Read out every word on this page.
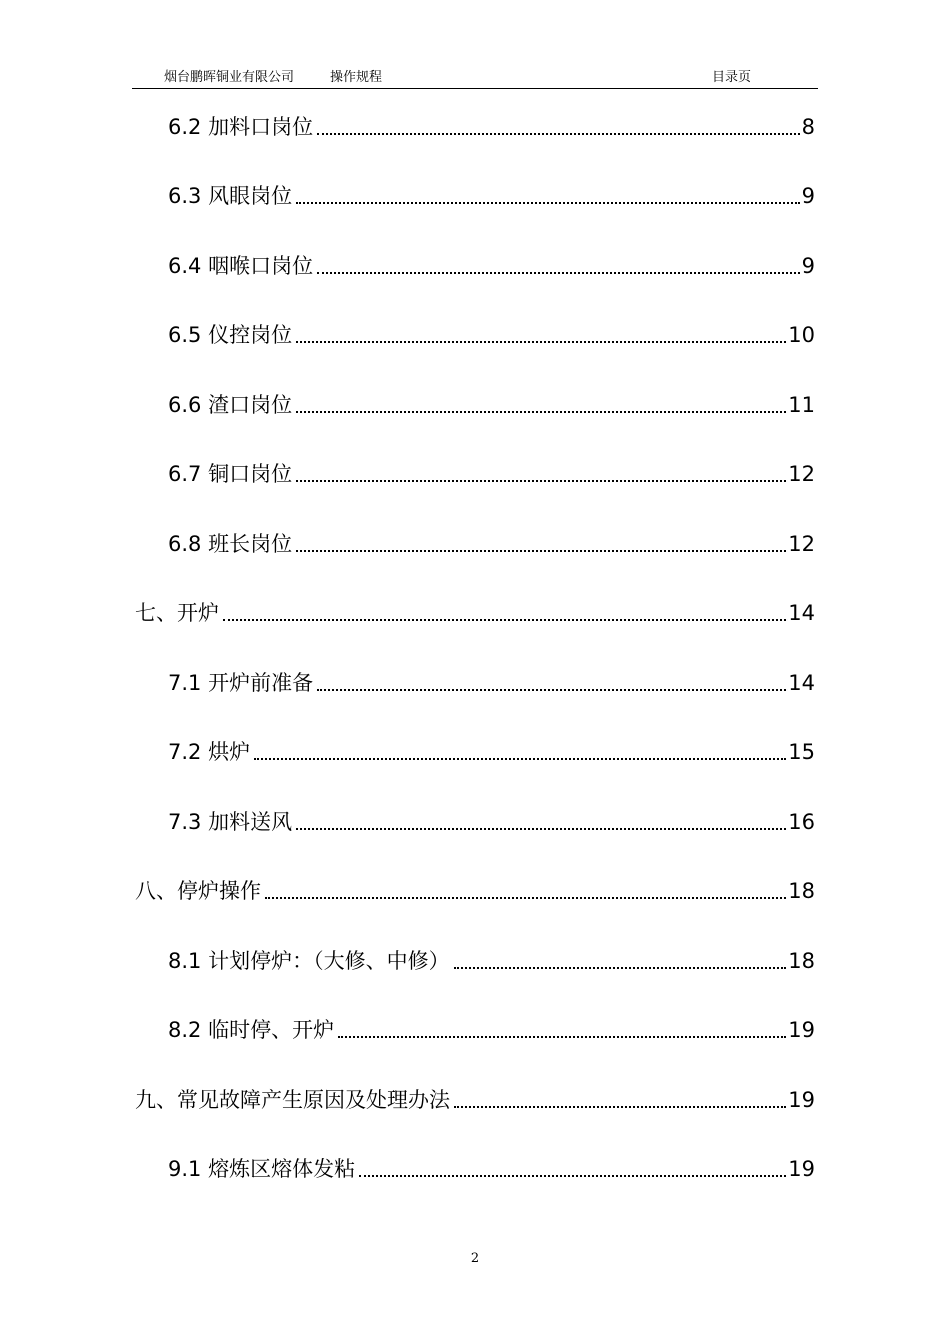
烟台鹏晖铜业有限公司	操作规程	目录页
6.2 加料口岗位	8
6.3 风眼岗位	9
6.4 咽喉口岗位	9
6.5 仪控岗位	10
6.6 渣口岗位	11
6.7 铜口岗位	12
6.8 班长岗位	12
七、开炉	14
7.1 开炉前准备	14
7.2 烘炉	15
7.3 加料送风	16
八、停炉操作	18
8.1 计划停炉：（大修、中修）	18
8.2 临时停、开炉	19
九、常见故障产生原因及处理办法	19
9.1 熔炼区熔体发粘	19
2
